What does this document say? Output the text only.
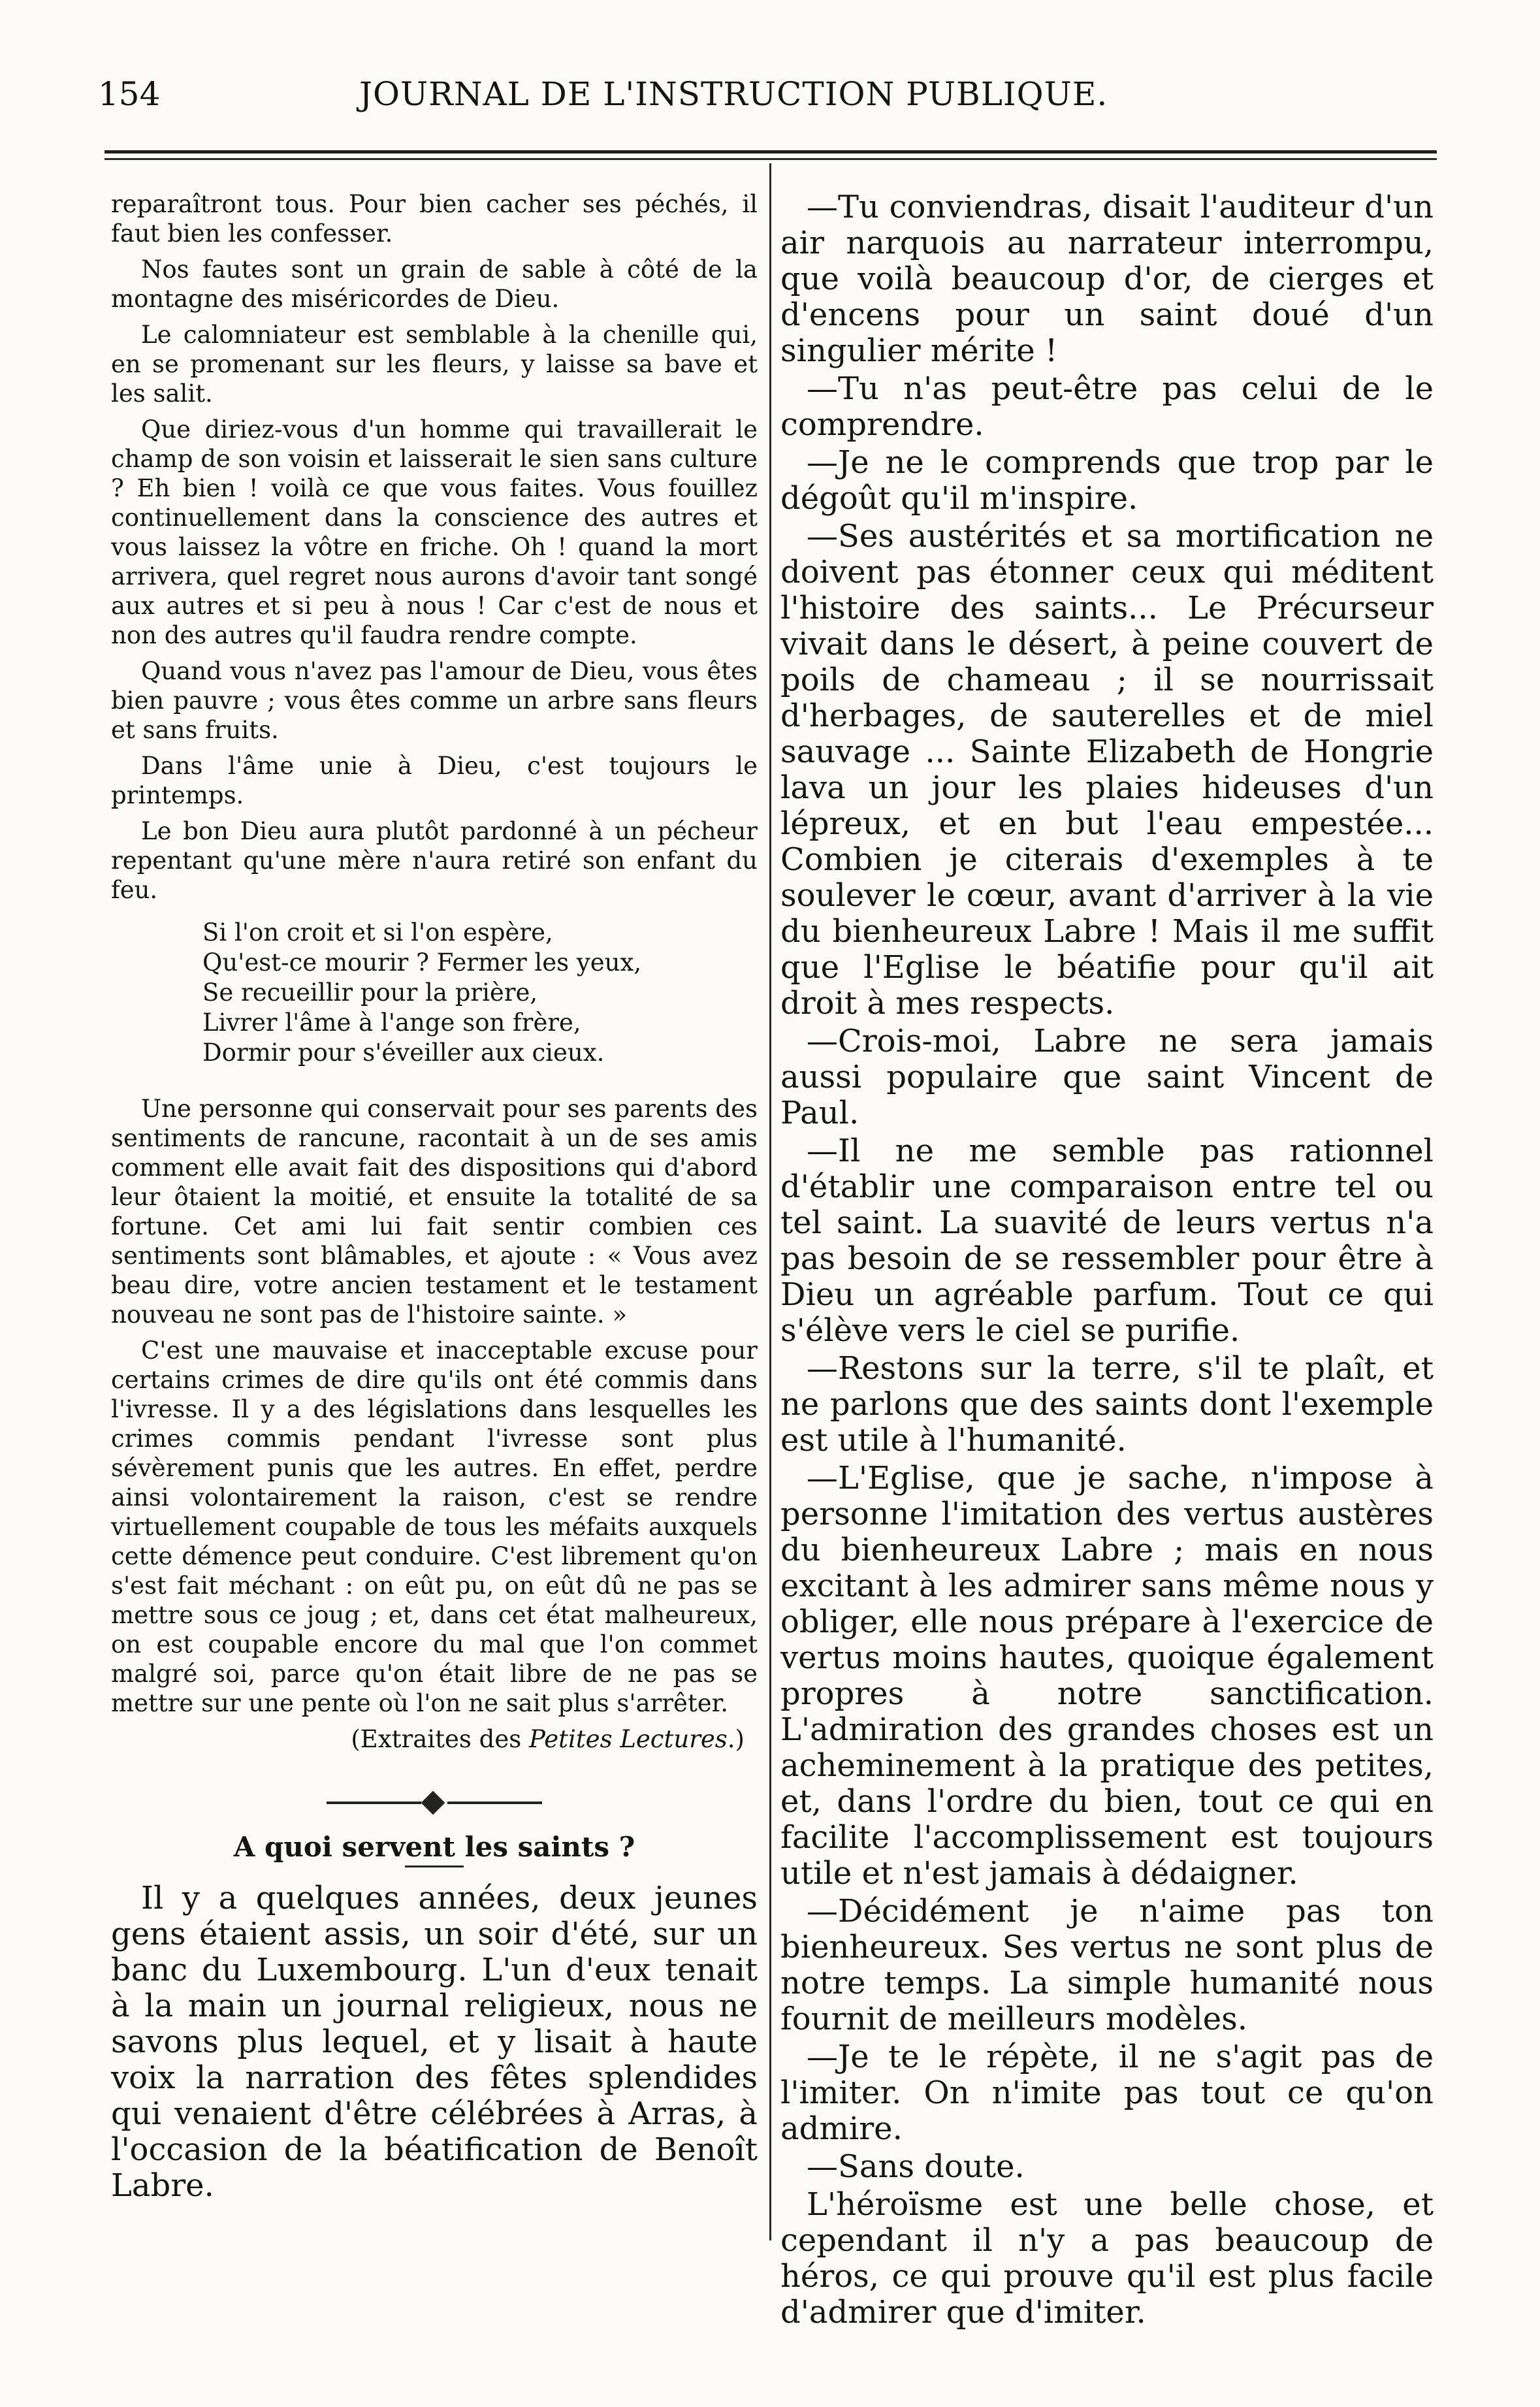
154	JOURNAL DE L'INSTRUCTION PUBLIQUE.

reparaîtront tous. Pour bien cacher ses péchés, il faut bien les confesser.

Nos fautes sont un grain de sable à côté de la montagne des miséricordes de Dieu.

Le calomniateur est semblable à la chenille qui, en se promenant sur les fleurs, y laisse sa bave et les salit.

Que diriez-vous d'un homme qui travaillerait le champ de son voisin et laisserait le sien sans culture ? Eh bien ! voilà ce que vous faites. Vous fouillez continuellement dans la conscience des autres et vous laissez la vôtre en friche. Oh ! quand la mort arrivera, quel regret nous aurons d'avoir tant songé aux autres et si peu à nous ! Car c'est de nous et non des autres qu'il faudra rendre compte.

Quand vous n'avez pas l'amour de Dieu, vous êtes bien pauvre ; vous êtes comme un arbre sans fleurs et sans fruits.

Dans l'âme unie à Dieu, c'est toujours le printemps.

Le bon Dieu aura plutôt pardonné à un pécheur repentant qu'une mère n'aura retiré son enfant du feu.

Si l'on croit et si l'on espère,
Qu'est-ce mourir ? Fermer les yeux,
Se recueillir pour la prière,
Livrer l'âme à l'ange son frère,
Dormir pour s'éveiller aux cieux.

Une personne qui conservait pour ses parents des sentiments de rancune, racontait à un de ses amis comment elle avait fait des dispositions qui d'abord leur ôtaient la moitié, et ensuite la totalité de sa fortune. Cet ami lui fait sentir combien ces sentiments sont blâmables, et ajoute : « Vous avez beau dire, votre ancien testament et le testament nouveau ne sont pas de l'histoire sainte. »

C'est une mauvaise et inacceptable excuse pour certains crimes de dire qu'ils ont été commis dans l'ivresse. Il y a des législations dans lesquelles les crimes commis pendant l'ivresse sont plus sévèrement punis que les autres. En effet, perdre ainsi volontairement la raison, c'est se rendre virtuellement coupable de tous les méfaits auxquels cette démence peut conduire. C'est librement qu'on s'est fait méchant : on eût pu, on eût dû ne pas se mettre sous ce joug ; et, dans cet état malheureux, on est coupable encore du mal que l'on commet malgré soi, parce qu'on était libre de ne pas se mettre sur une pente où l'on ne sait plus s'arrêter.

(Extraites des Petites Lectures.)
A quoi servent les saints ?

Il y a quelques années, deux jeunes gens étaient assis, un soir d'été, sur un banc du Luxembourg. L'un d'eux tenait à la main un journal religieux, nous ne savons plus lequel, et y lisait à haute voix la narration des fêtes splendides qui venaient d'être célébrées à Arras, à l'occasion de la béatification de Benoît Labre.

—Tu conviendras, disait l'auditeur d'un air narquois au narrateur interrompu, que voilà beaucoup d'or, de cierges et d'encens pour un saint doué d'un singulier mérite !

—Tu n'as peut-être pas celui de le comprendre.

—Je ne le comprends que trop par le dégoût qu'il m'inspire.

—Ses austérités et sa mortification ne doivent pas étonner ceux qui méditent l'histoire des saints... Le Précurseur vivait dans le désert, à peine couvert de poils de chameau ; il se nourrissait d'herbages, de sauterelles et de miel sauvage ... Sainte Elizabeth de Hongrie lava un jour les plaies hideuses d'un lépreux, et en but l'eau empestée... Combien je citerais d'exemples à te soulever le cœur, avant d'arriver à la vie du bienheureux Labre ! Mais il me suffit que l'Eglise le béatifie pour qu'il ait droit à mes respects.

—Crois-moi, Labre ne sera jamais aussi populaire que saint Vincent de Paul.

—Il ne me semble pas rationnel d'établir une comparaison entre tel ou tel saint. La suavité de leurs vertus n'a pas besoin de se ressembler pour être à Dieu un agréable parfum. Tout ce qui s'élève vers le ciel se purifie.

—Restons sur la terre, s'il te plaît, et ne parlons que des saints dont l'exemple est utile à l'humanité.

—L'Eglise, que je sache, n'impose à personne l'imitation des vertus austères du bienheureux Labre ; mais en nous excitant à les admirer sans même nous y obliger, elle nous prépare à l'exercice de vertus moins hautes, quoique également propres à notre sanctification. L'admiration des grandes choses est un acheminement à la pratique des petites, et, dans l'ordre du bien, tout ce qui en facilite l'accomplissement est toujours utile et n'est jamais à dédaigner.

—Décidément je n'aime pas ton bienheureux. Ses vertus ne sont plus de notre temps. La simple humanité nous fournit de meilleurs modèles.

—Je te le répète, il ne s'agit pas de l'imiter. On n'imite pas tout ce qu'on admire.

—Sans doute.

L'héroïsme est une belle chose, et cependant il n'y a pas beaucoup de héros, ce qui prouve qu'il est plus facile d'admirer que d'imiter.
